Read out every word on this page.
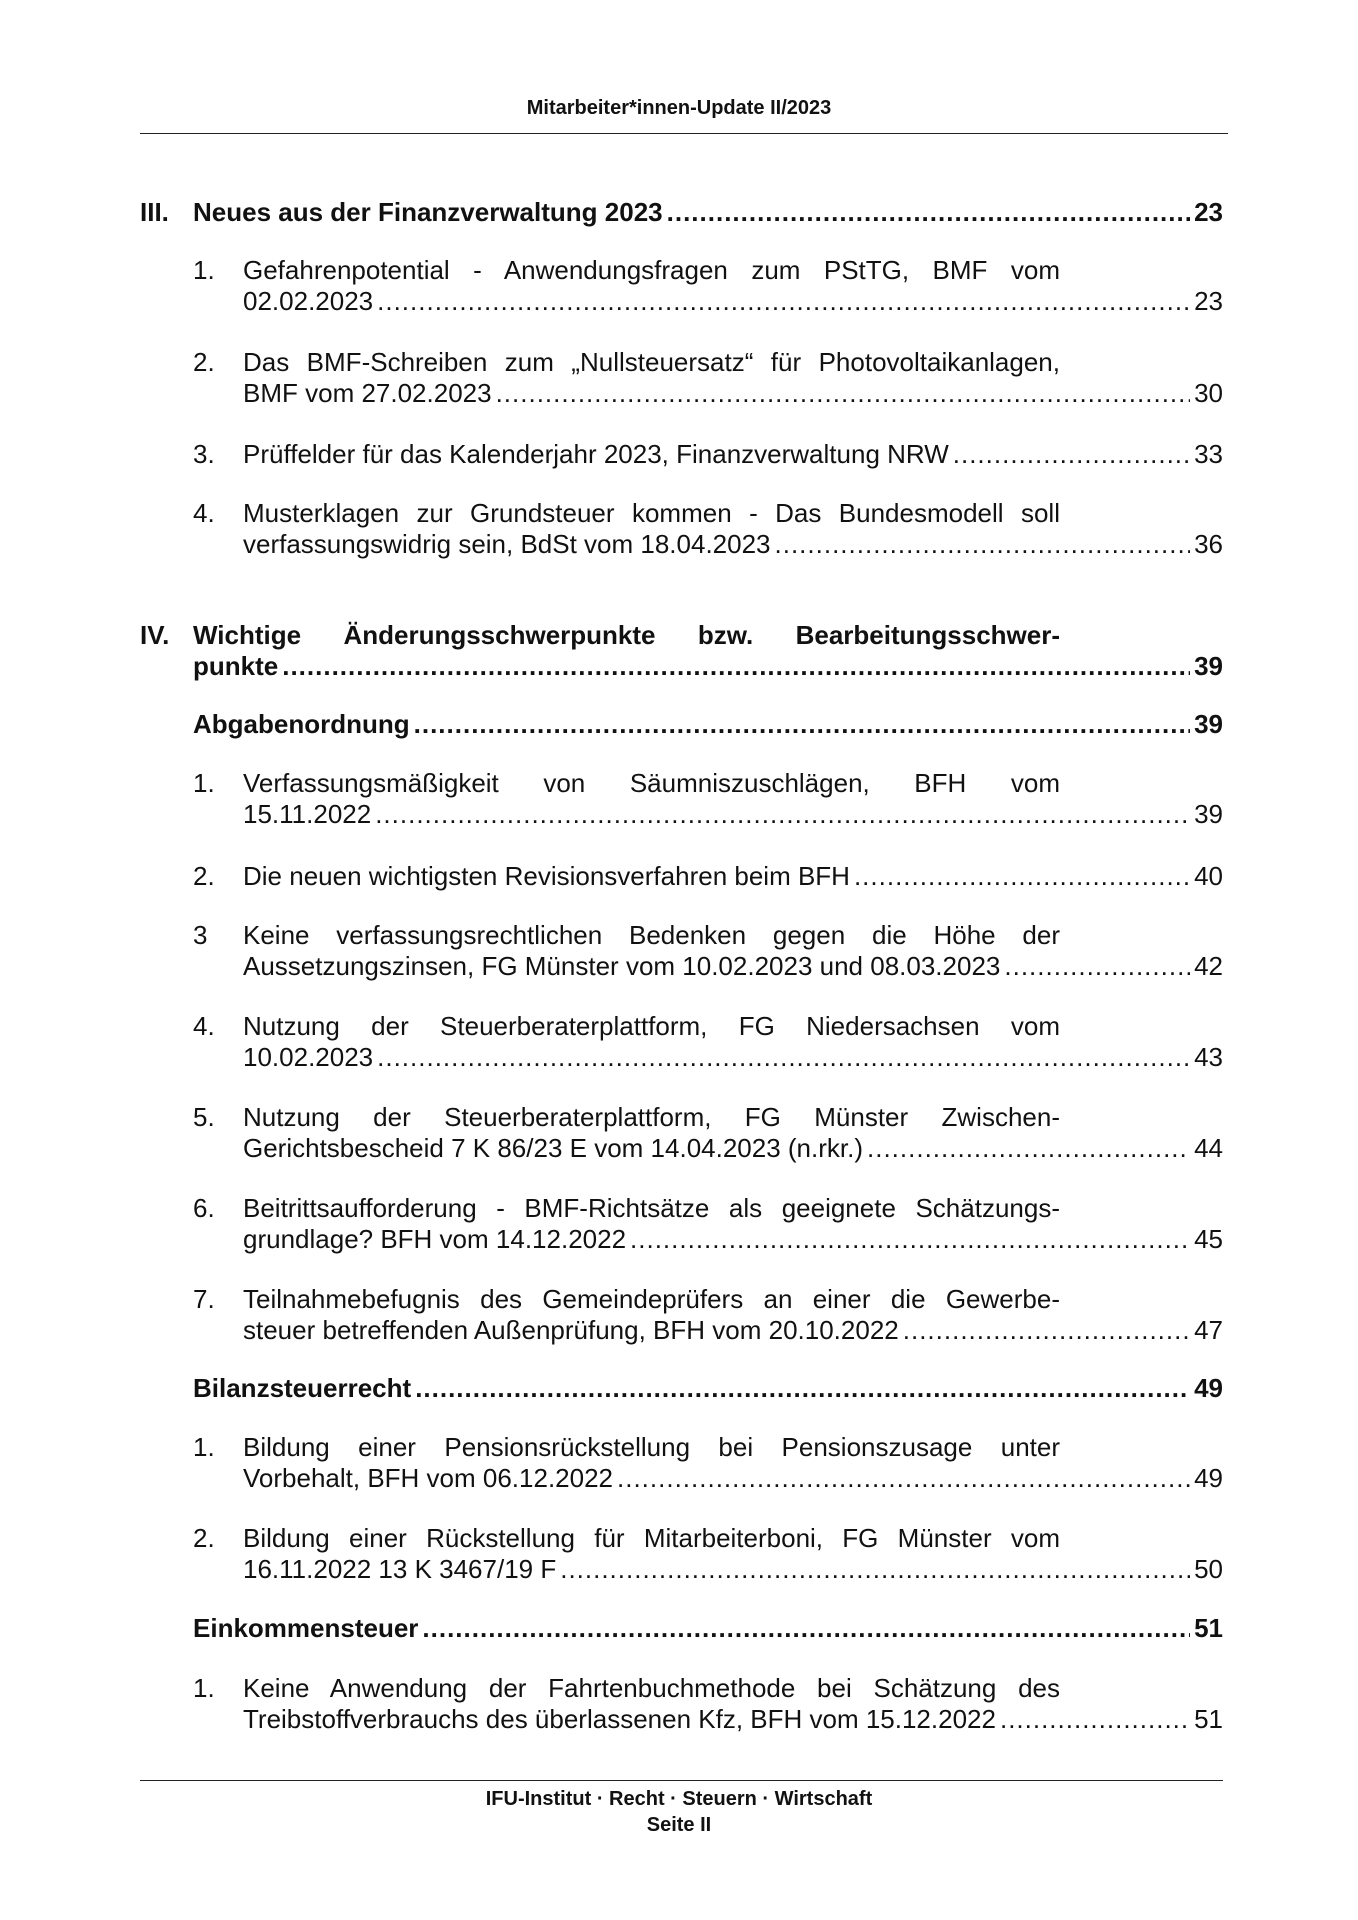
Mitarbeiter*innen-Update II/2023
III. Neues aus der Finanzverwaltung 2023 .....	23
1. Gefahrenpotential - Anwendungsfragen zum PStTG, BMF vom
02.02.2023 .....	23
2. Das BMF-Schreiben zum „Nullsteuersatz“ für Photovoltaikanlagen,
BMF vom 27.02.2023 .....	30
3. Prüffelder für das Kalenderjahr 2023, Finanzverwaltung NRW .....	33
4. Musterklagen zur Grundsteuer kommen - Das Bundesmodell soll
verfassungswidrig sein, BdSt vom 18.04.2023 .....	36
IV. Wichtige Änderungsschwerpunkte bzw. Bearbeitungsschwer-
punkte .....	39
Abgabenordnung .....	39
1. Verfassungsmäßigkeit von Säumniszuschlägen, BFH vom
15.11.2022 .....	39
2. Die neuen wichtigsten Revisionsverfahren beim BFH .....	40
3 Keine verfassungsrechtlichen Bedenken gegen die Höhe der
Aussetzungszinsen, FG Münster vom 10.02.2023 und 08.03.2023 .....	42
4. Nutzung der Steuerberaterplattform, FG Niedersachsen vom
10.02.2023 .....	43
5. Nutzung der Steuerberaterplattform, FG Münster Zwischen-
Gerichtsbescheid 7 K 86/23 E vom 14.04.2023 (n.rkr.) .....	44
6. Beitrittsaufforderung - BMF-Richtsätze als geeignete Schätzungs-
grundlage? BFH vom 14.12.2022 .....	45
7. Teilnahmebefugnis des Gemeindeprüfers an einer die Gewerbe-
steuer betreffenden Außenprüfung, BFH vom 20.10.2022 .....	47
Bilanzsteuerrecht .....	49
1. Bildung einer Pensionsrückstellung bei Pensionszusage unter
Vorbehalt, BFH vom 06.12.2022 .....	49
2. Bildung einer Rückstellung für Mitarbeiterboni, FG Münster vom
16.11.2022 13 K 3467/19 F .....	50
Einkommensteuer .....	51
1. Keine Anwendung der Fahrtenbuchmethode bei Schätzung des
Treibstoffverbrauchs des überlassenen Kfz, BFH vom 15.12.2022 .....	51
IFU-Institut · Recht · Steuern · Wirtschaft
Seite II
